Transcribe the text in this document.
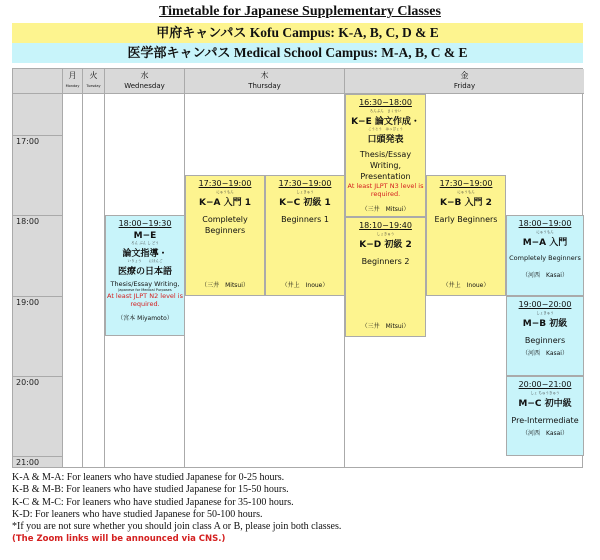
Timetable for Japanese Supplementary Classes
甲府キャンパス Kofu Campus: K-A, B, C, D & E
医学部キャンパス Medical School Campus: M-A, B, C & E
月
Monday
火
Tuesday
水
Wednesday
木
Thursday
金
Friday
17:00
18:00
19:00
20:00
21:00
16:30−18:00
ろんぶん　さくせい
K−E 論文作成・
こうとう　はっぴょう
口頭発表
Thesis/Essay Writing, Presentation
At least JLPT N3 level is required.
（三井　Mitsui）
18:10−19:40
しょきゅう
K−D 初級 2
Beginners 2
（三井　Mitsui）
17:30−19:00
にゅうもん
K−A 入門 1
Completely Beginners
（三井　Mitsui）
17:30−19:00
しょきゅう
K−C 初級 1
Beginners 1
（井上　Inoue）
17:30−19:00
にゅうもん
K−B 入門 2
Early Beginners
（井上　Inoue）
18:00−19:30
M−E
ろん ぶん し どう
論文指導・
いりょう　　にほんご
医療の日本語
Thesis/Essay Writing,
Japanese for Medical Purposes
At least JLPT N2 level is required.
（宮本 Miyamoto）
18:00−19:00
にゅうもん
M−A 入門
Completely Beginners
（河西　Kasai）
19:00−20:00
しょきゅう
M−B 初級
Beginners
（河西　Kasai）
20:00−21:00
しょ ちゅうきゅう
M−C 初中級
Pre-Intermediate
（河西　Kasai）
K-A & M-A: For leaners who have studied Japanese for 0-25 hours.
K-B & M-B: For leaners who have studied Japanese for 15-50 hours.
K-C & M-C: For leaners who have studied Japanese for 35-100 hours.
K-D: For leaners who have studied Japanese for 50-100 hours.
*If you are not sure whether you should join class A or B, please join both classes.
(The Zoom links will be announced via CNS.)
